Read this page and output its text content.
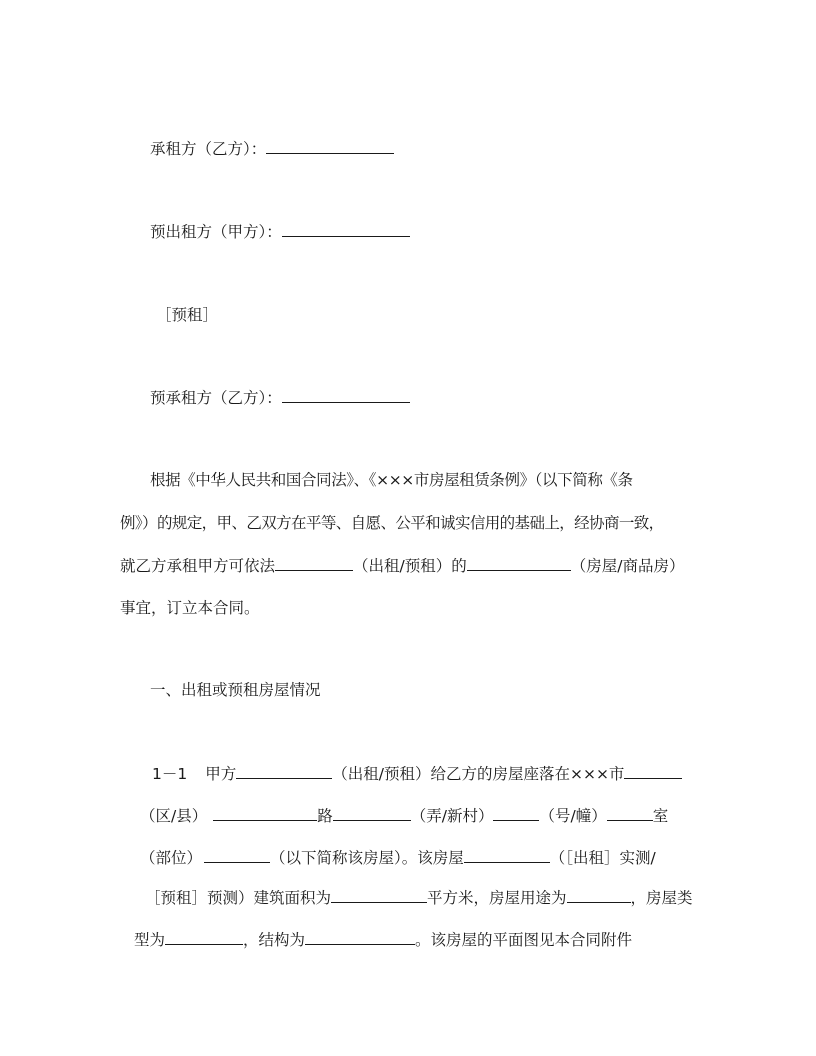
承租方（乙方）：
预出租方（甲方）：
［预租］
预承租方（乙方）：
根据《中华人民共和国合同法》、《×××市房屋租赁条例》（以下简称《条
例》）的规定，甲、乙双方在平等、自愿、公平和诚实信用的基础上，经协商一致，
就乙方承租甲方可依法	（出租/预租）的	（房屋/商品房）
事宜，订立本合同。
一、出租或预租房屋情况
1－1 甲方	（出租/预租）给乙方的房屋座落在×××市
（区/县）	路	（弄/新村）	（号/幢）	室
（部位）	（以下简称该房屋）。该房屋	（［出租］实测/
［预租］预测）建筑面积为	平方米，房屋用途为	，房屋类
型为	，结构为	。该房屋的平面图见本合同附件
